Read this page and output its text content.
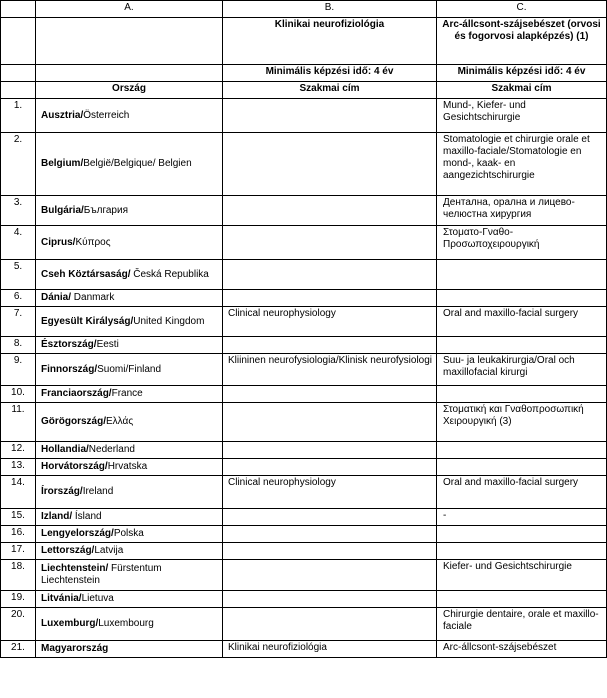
	A.	B.	C.
		Klinikai neurofiziológia	Arc-állcsont-szájsebészet (orvosi és fogorvosi alapképzés) (1)
		Minimális képzési idő: 4 év	Minimális képzési idő: 4 év
	Ország	Szakmai cím	Szakmai cím
1.	Ausztria/Österreich		Mund-, Kiefer- und Gesichtschirurgie
2.	Belgium/België/Belgique/ Belgien		Stomatologie et chirurgie orale et maxillo-faciale/Stomatologie en mond-, kaak- en aangezichtschirurgie
3.	Bulgária/България		Дентална, орална и лицево-челюстна хирургия
4.	Ciprus/Κύπρος		Στοματο-Γναθο-Προσωποχειρουργική
5.	Cseh Köztársaság/ Česká Republika		
6.	Dánia/ Danmark		
7.	Egyesült Királyság/United Kingdom	Clinical neurophysiology	Oral and maxillo-facial surgery
8.	Észtország/Eesti		
9.	Finnország/Suomi/Finland	Kliininen neurofysiologia/Klinisk neurofysiologi	Suu- ja leukakirurgia/Oral och maxillofacial kirurgi
10.	Franciaország/France		
11.	Görögország/Ελλάς		Στοματική και Γναθοπροσωπική Χειρουργική (3)
12.	Hollandia/Nederland		
13.	Horvátország/Hrvatska		
14.	Írország/Ireland	Clinical neurophysiology	Oral and maxillo-facial surgery
15.	Izland/ Ísland		-
16.	Lengyelország/Polska		
17.	Lettország/Latvija		
18.	Liechtenstein/ Fürstentum Liechtenstein		Kiefer- und Gesichtschirurgie
19.	Litvánia/Lietuva		
20.	Luxemburg/Luxembourg		Chirurgie dentaire, orale et maxillo-faciale
21.	Magyarország	Klinikai neurofiziológia	Arc-állcsont-szájsebészet
